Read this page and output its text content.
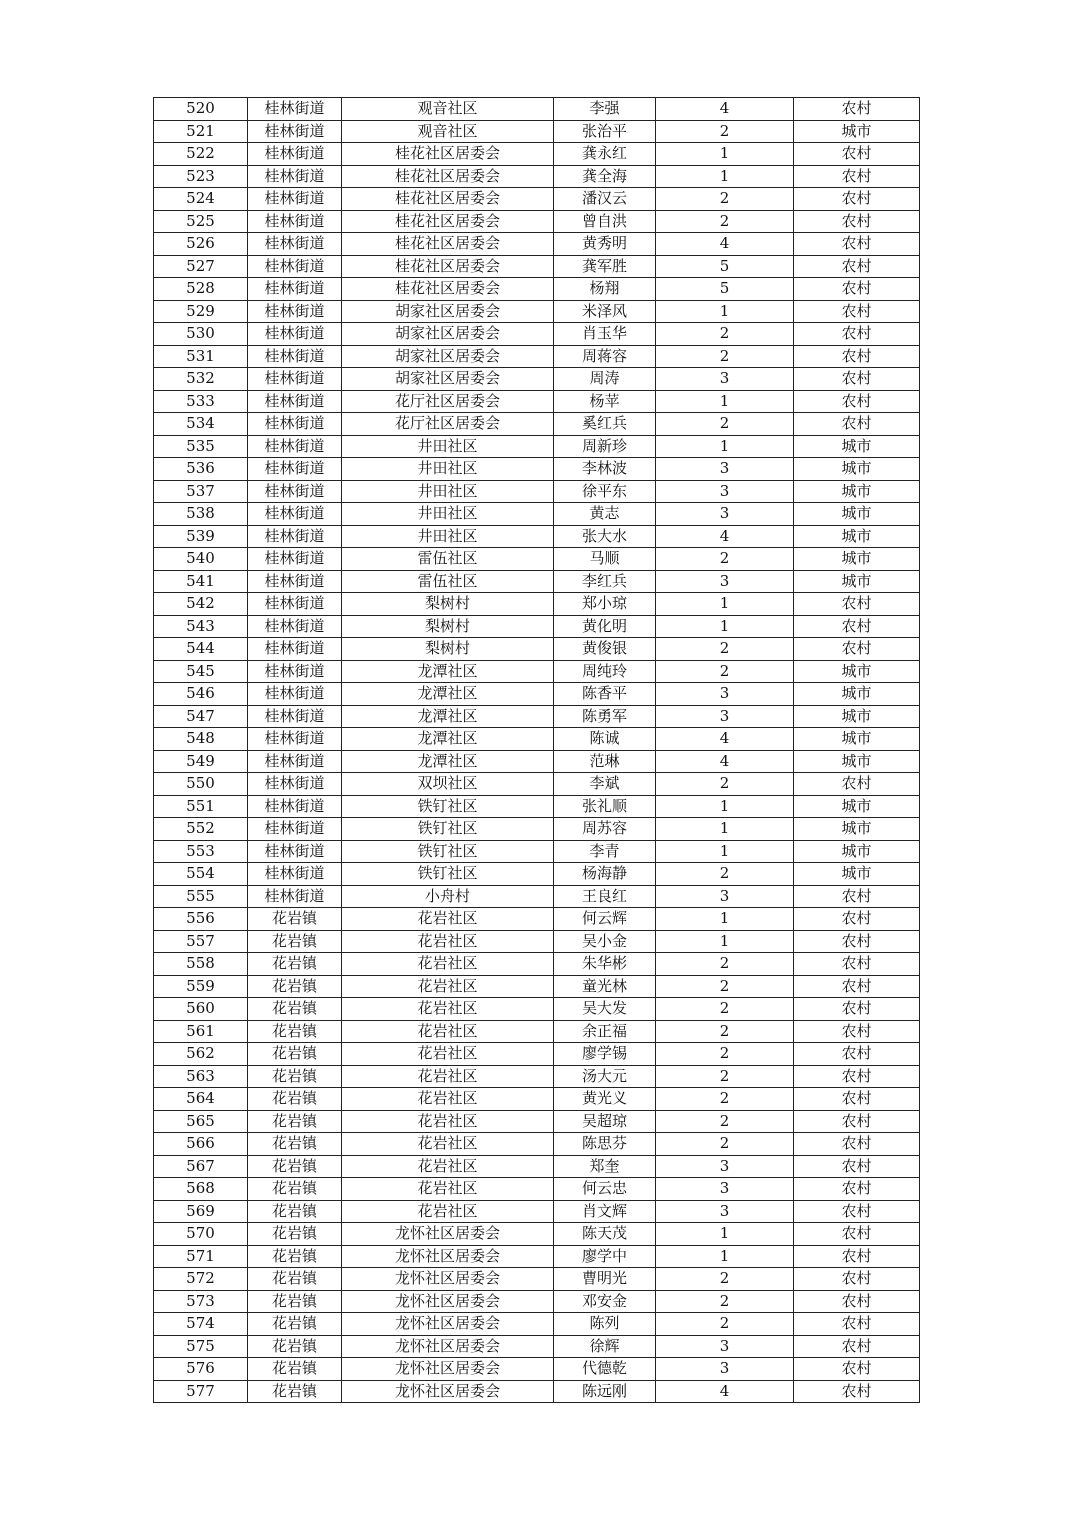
520	桂林街道	观音社区	李强	4	农村
521	桂林街道	观音社区	张治平	2	城市
522	桂林街道	桂花社区居委会	龚永红	1	农村
523	桂林街道	桂花社区居委会	龚全海	1	农村
524	桂林街道	桂花社区居委会	潘汉云	2	农村
525	桂林街道	桂花社区居委会	曾自洪	2	农村
526	桂林街道	桂花社区居委会	黄秀明	4	农村
527	桂林街道	桂花社区居委会	龚军胜	5	农村
528	桂林街道	桂花社区居委会	杨翔	5	农村
529	桂林街道	胡家社区居委会	米泽风	1	农村
530	桂林街道	胡家社区居委会	肖玉华	2	农村
531	桂林街道	胡家社区居委会	周蒋容	2	农村
532	桂林街道	胡家社区居委会	周涛	3	农村
533	桂林街道	花厅社区居委会	杨苹	1	农村
534	桂林街道	花厅社区居委会	奚红兵	2	农村
535	桂林街道	井田社区	周新珍	1	城市
536	桂林街道	井田社区	李林波	3	城市
537	桂林街道	井田社区	徐平东	3	城市
538	桂林街道	井田社区	黄志	3	城市
539	桂林街道	井田社区	张大水	4	城市
540	桂林街道	雷伍社区	马顺	2	城市
541	桂林街道	雷伍社区	李红兵	3	城市
542	桂林街道	梨树村	郑小琼	1	农村
543	桂林街道	梨树村	黄化明	1	农村
544	桂林街道	梨树村	黄俊银	2	农村
545	桂林街道	龙潭社区	周纯玲	2	城市
546	桂林街道	龙潭社区	陈香平	3	城市
547	桂林街道	龙潭社区	陈勇军	3	城市
548	桂林街道	龙潭社区	陈诚	4	城市
549	桂林街道	龙潭社区	范琳	4	城市
550	桂林街道	双坝社区	李斌	2	农村
551	桂林街道	铁钉社区	张礼顺	1	城市
552	桂林街道	铁钉社区	周苏容	1	城市
553	桂林街道	铁钉社区	李青	1	城市
554	桂林街道	铁钉社区	杨海静	2	城市
555	桂林街道	小舟村	王良红	3	农村
556	花岩镇	花岩社区	何云辉	1	农村
557	花岩镇	花岩社区	吴小金	1	农村
558	花岩镇	花岩社区	朱华彬	2	农村
559	花岩镇	花岩社区	童光林	2	农村
560	花岩镇	花岩社区	吴大发	2	农村
561	花岩镇	花岩社区	余正福	2	农村
562	花岩镇	花岩社区	廖学锡	2	农村
563	花岩镇	花岩社区	汤大元	2	农村
564	花岩镇	花岩社区	黄光义	2	农村
565	花岩镇	花岩社区	吴超琼	2	农村
566	花岩镇	花岩社区	陈思芬	2	农村
567	花岩镇	花岩社区	郑奎	3	农村
568	花岩镇	花岩社区	何云忠	3	农村
569	花岩镇	花岩社区	肖文辉	3	农村
570	花岩镇	龙怀社区居委会	陈天茂	1	农村
571	花岩镇	龙怀社区居委会	廖学中	1	农村
572	花岩镇	龙怀社区居委会	曹明光	2	农村
573	花岩镇	龙怀社区居委会	邓安金	2	农村
574	花岩镇	龙怀社区居委会	陈列	2	农村
575	花岩镇	龙怀社区居委会	徐辉	3	农村
576	花岩镇	龙怀社区居委会	代德乾	3	农村
577	花岩镇	龙怀社区居委会	陈远刚	4	农村
